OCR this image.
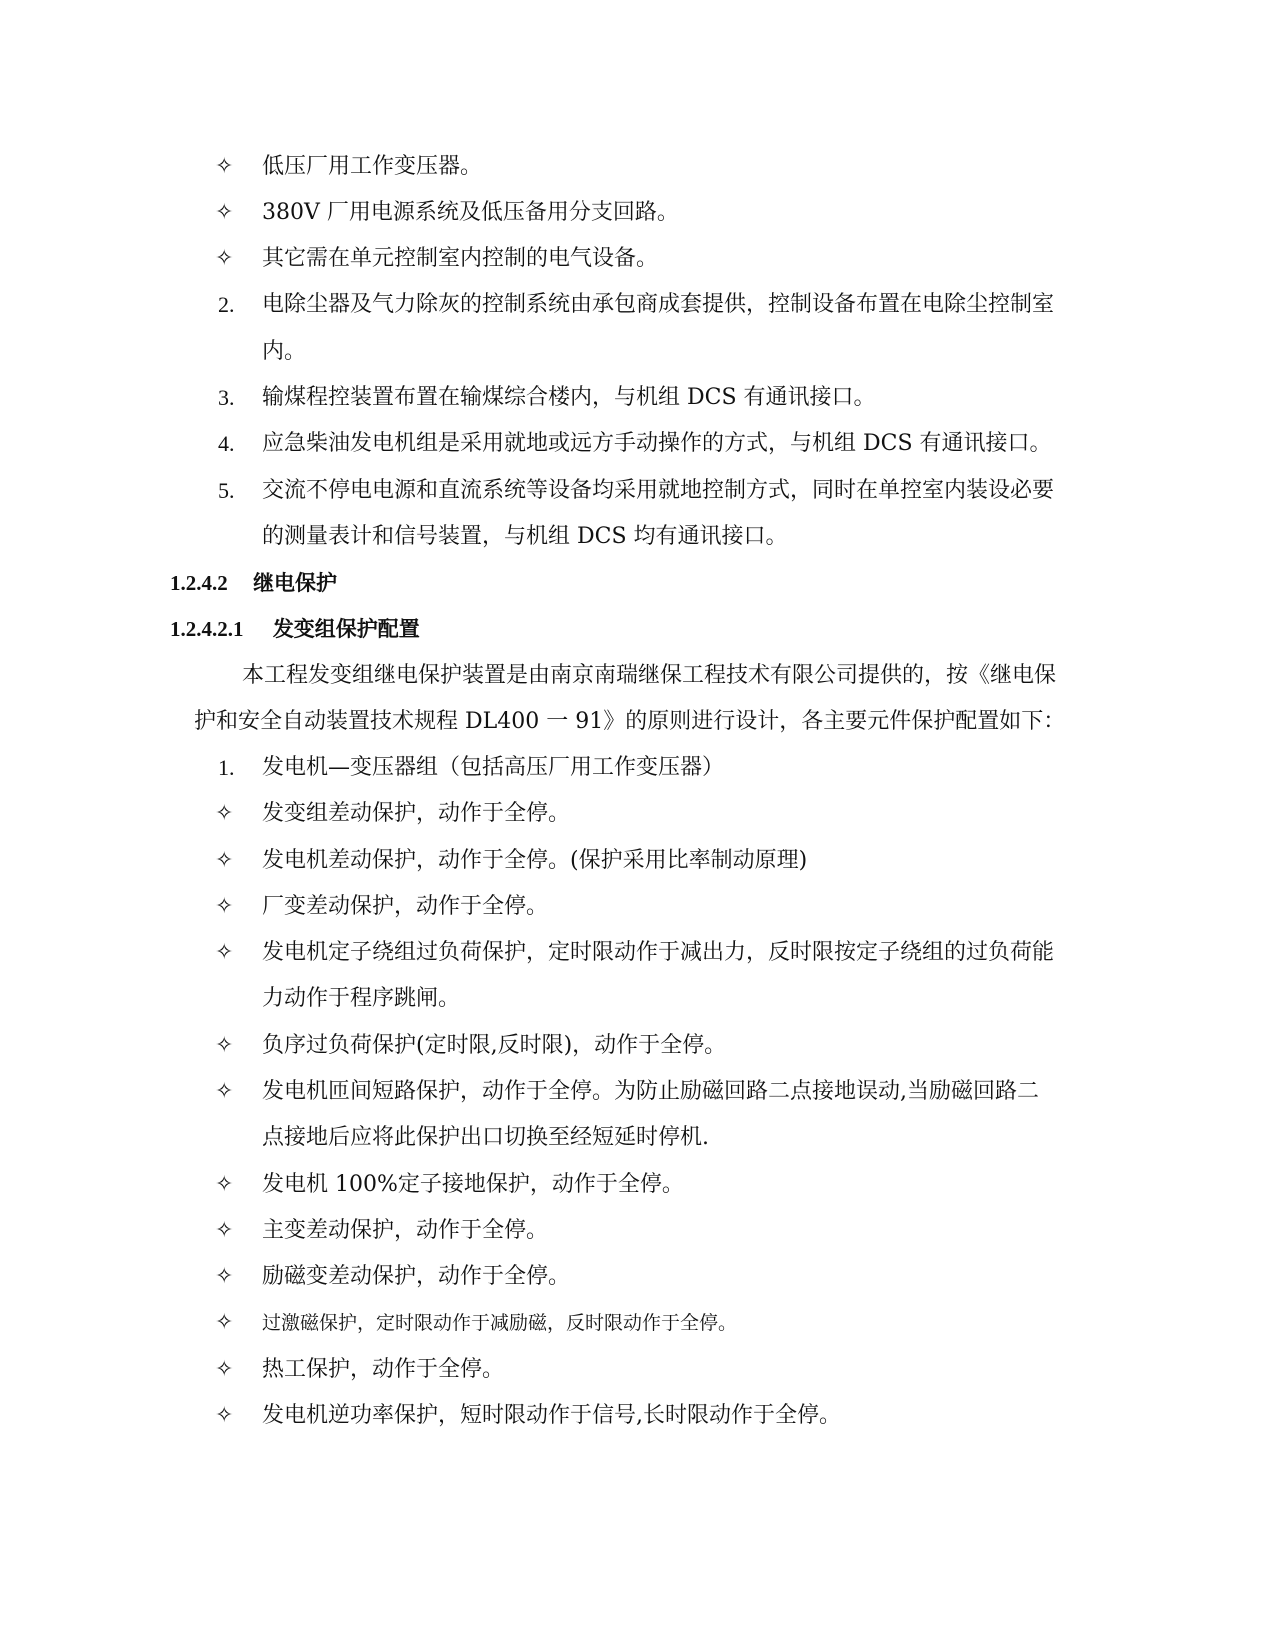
✧	低压厂用工作变压器。
✧	380V 厂用电源系统及低压备用分支回路。
✧	其它需在单元控制室内控制的电气设备。
2.	电除尘器及气力除灰的控制系统由承包商成套提供，控制设备布置在电除尘控制室
内。
3.	输煤程控装置布置在输煤综合楼内，与机组 DCS 有通讯接口。
4.	应急柴油发电机组是采用就地或远方手动操作的方式，与机组 DCS 有通讯接口。
5.	交流不停电电源和直流系统等设备均采用就地控制方式，同时在单控室内装设必要
的测量表计和信号装置，与机组 DCS 均有通讯接口。
1.2.4.2 继电保护
1.2.4.2.1 发变组保护配置
本工程发变组继电保护装置是由南京南瑞继保工程技术有限公司提供的，按《继电保
护和安全自动装置技术规程 DL400 一 91》的原则进行设计，各主要元件保护配置如下：
1.	发电机—变压器组（包括高压厂用工作变压器）
✧	发变组差动保护，动作于全停。
✧	发电机差动保护，动作于全停。(保护采用比率制动原理)
✧	厂变差动保护，动作于全停。
✧	发电机定子绕组过负荷保护，定时限动作于减出力，反时限按定子绕组的过负荷能
力动作于程序跳闸。
✧	负序过负荷保护(定时限,反时限)，动作于全停。
✧	发电机匝间短路保护，动作于全停。为防止励磁回路二点接地误动,当励磁回路二
点接地后应将此保护出口切换至经短延时停机.
✧	发电机 100%定子接地保护，动作于全停。
✧	主变差动保护，动作于全停。
✧	励磁变差动保护，动作于全停。
✧	过激磁保护，定时限动作于减励磁，反时限动作于全停。
✧	热工保护，动作于全停。
✧	发电机逆功率保护，短时限动作于信号,长时限动作于全停。
